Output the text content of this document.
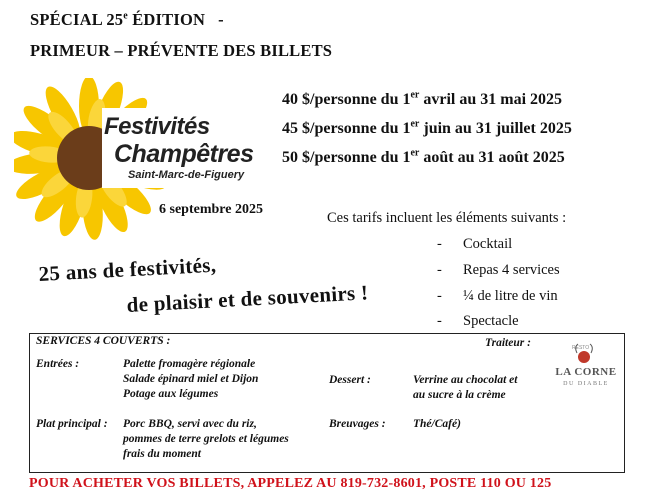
SPÉCIAL 25e ÉDITION   -
PRIMEUR – PRÉVENTE DES BILLETS
Festivités
Champêtres
Saint-Marc-de-Figuery
6 septembre 2025
40 $/personne du 1er avril au 31 mai 2025
45 $/personne du 1er juin au 31 juillet 2025
50 $/personne du 1er août au 31 août 2025
Ces tarifs incluent les éléments suivants :
- Cocktail
- Repas 4 services
- ¼ de litre de vin
- Spectacle
25 ans de festivités,
de plaisir et de souvenirs !
SERVICES 4 COUVERTS :	Traiteur :
Entrées :	Palette fromagère régionale
Salade épinard miel et Dijon
Potage aux légumes
Dessert :	Verrine au chocolat et
au sucre à la crème
Plat principal : Porc BBQ, servi avec du riz,
pommes de terre grelots et légumes
frais du moment
Breuvages : Thé/Café)
RESTO
LA CORNE
DU DIABLE
POUR ACHETER VOS BILLETS, APPELEZ AU 819-732-8601, POSTE 110 OU 125
